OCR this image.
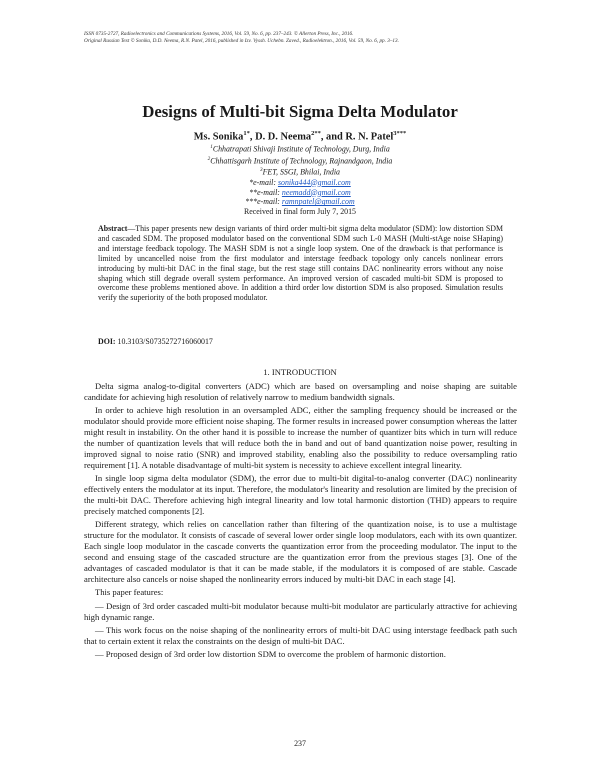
ISSN 0735-2727, Radioelectronics and Communications Systems, 2016, Vol. 59, No. 6, pp. 237–243. © Allerton Press, Inc., 2016.
Original Russian Text © Sonika, D.D. Neema, R.N. Patel, 2016, published in Izv. Vyssh. Uchebn. Zaved., Radioelektron., 2016, Vol. 59, No. 6, pp. 3–13.
Designs of Multi-bit Sigma Delta Modulator
Ms. Sonika$^{1*}$, D. D. Neema$^{2**}$, and R. N. Patel$^{3***}$
$^1$Chhatrapati Shivaji Institute of Technology, Durg, India
$^2$Chhattisgarh Institute of Technology, Rajnandgaon, India
$^3$FET, SSGI, Bhilai, India
*e-mail: sonika444@gmail.com
**e-mail: neemadd@gmail.com
***e-mail: ramnpatel@gmail.com
Received in final form July 7, 2015
Abstract—This paper presents new design variants of third order multi-bit sigma delta modulator (SDM): low distortion SDM and cascaded SDM. The proposed modulator based on the conventional SDM such L-0 MASH (Multi-stAge noise SHaping) and interstage feedback topology. The MASH SDM is not a single loop system. One of the drawback is that performance is limited by uncancelled noise from the first modulator and interstage feedback topology only cancels nonlinear errors introducing by multi-bit DAC in the final stage, but the rest stage still contains DAC nonlinearity errors without any noise shaping which still degrade overall system performance. An improved version of cascaded multi-bit SDM is proposed to overcome these problems mentioned above. In addition a third order low distortion SDM is also proposed. Simulation results verify the superiority of the both proposed modulator.
DOI: 10.3103/S0735272716060017
1. INTRODUCTION

Delta sigma analog-to-digital converters (ADC) which are based on oversampling and noise shaping are suitable candidate for achieving high resolution of relatively narrow to medium bandwidth signals.

In order to achieve high resolution in an oversampled ADC, either the sampling frequency should be increased or the modulator should provide more efficient noise shaping. The former results in increased power consumption whereas the latter might result in instability. On the other hand it is possible to increase the number of quantizer bits which in turn will reduce the number of quantization levels that will reduce both the in band and out of band quantization noise power, resulting in improved signal to noise ratio (SNR) and improved stability, enabling also the possibility to reduce oversampling ratio requirement [1]. A notable disadvantage of multi-bit system is necessity to achieve excellent integral linearity.

In single loop sigma delta modulator (SDM), the error due to multi-bit digital-to-analog converter (DAC) nonlinearity effectively enters the modulator at its input. Therefore, the modulator's linearity and resolution are limited by the precision of the multi-bit DAC. Therefore achieving high integral linearity and low total harmonic distortion (THD) appears to require precisely matched components [2].

Different strategy, which relies on cancellation rather than filtering of the quantization noise, is to use a multistage structure for the modulator. It consists of cascade of several lower order single loop modulators, each with its own quantizer. Each single loop modulator in the cascade converts the quantization error from the proceeding modulator. The input to the second and ensuing stage of the cascaded structure are the quantization error from the previous stages [3]. One of the advantages of cascaded modulator is that it can be made stable, if the modulators it is composed of are stable. Cascade architecture also cancels or noise shaped the nonlinearity errors induced by multi-bit DAC in each stage [4].

This paper features:

— Design of 3rd order cascaded multi-bit modulator because multi-bit modulator are particularly attractive for achieving high dynamic range.

— This work focus on the noise shaping of the nonlinearity errors of multi-bit DAC using interstage feedback path such that to certain extent it relax the constraints on the design of multi-bit DAC.

— Proposed design of 3rd order low distortion SDM to overcome the problem of harmonic distortion.

237
